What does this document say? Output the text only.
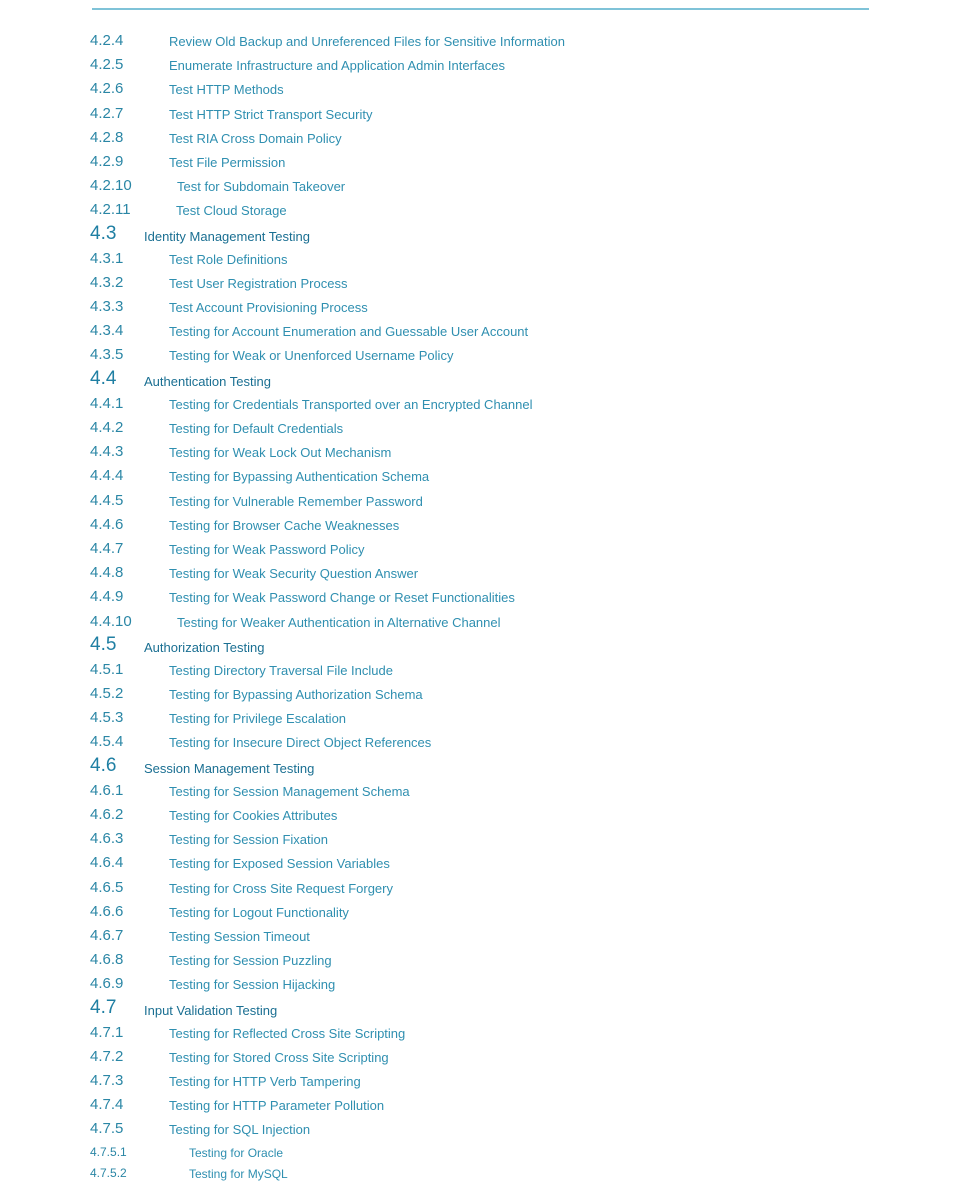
4.2.4	Review Old Backup and Unreferenced Files for Sensitive Information
4.2.5	Enumerate Infrastructure and Application Admin Interfaces
4.2.6	Test HTTP Methods
4.2.7	Test HTTP Strict Transport Security
4.2.8	Test RIA Cross Domain Policy
4.2.9	Test File Permission
4.2.10	Test for Subdomain Takeover
4.2.11	Test Cloud Storage
4.3 Identity Management Testing
4.3.1	Test Role Definitions
4.3.2	Test User Registration Process
4.3.3	Test Account Provisioning Process
4.3.4	Testing for Account Enumeration and Guessable User Account
4.3.5	Testing for Weak or Unenforced Username Policy
4.4 Authentication Testing
4.4.1	Testing for Credentials Transported over an Encrypted Channel
4.4.2	Testing for Default Credentials
4.4.3	Testing for Weak Lock Out Mechanism
4.4.4	Testing for Bypassing Authentication Schema
4.4.5	Testing for Vulnerable Remember Password
4.4.6	Testing for Browser Cache Weaknesses
4.4.7	Testing for Weak Password Policy
4.4.8	Testing for Weak Security Question Answer
4.4.9	Testing for Weak Password Change or Reset Functionalities
4.4.10	Testing for Weaker Authentication in Alternative Channel
4.5 Authorization Testing
4.5.1	Testing Directory Traversal File Include
4.5.2	Testing for Bypassing Authorization Schema
4.5.3	Testing for Privilege Escalation
4.5.4	Testing for Insecure Direct Object References
4.6 Session Management Testing
4.6.1	Testing for Session Management Schema
4.6.2	Testing for Cookies Attributes
4.6.3	Testing for Session Fixation
4.6.4	Testing for Exposed Session Variables
4.6.5	Testing for Cross Site Request Forgery
4.6.6	Testing for Logout Functionality
4.6.7	Testing Session Timeout
4.6.8	Testing for Session Puzzling
4.6.9	Testing for Session Hijacking
4.7 Input Validation Testing
4.7.1	Testing for Reflected Cross Site Scripting
4.7.2	Testing for Stored Cross Site Scripting
4.7.3	Testing for HTTP Verb Tampering
4.7.4	Testing for HTTP Parameter Pollution
4.7.5	Testing for SQL Injection
4.7.5.1	Testing for Oracle
4.7.5.2	Testing for MySQL
